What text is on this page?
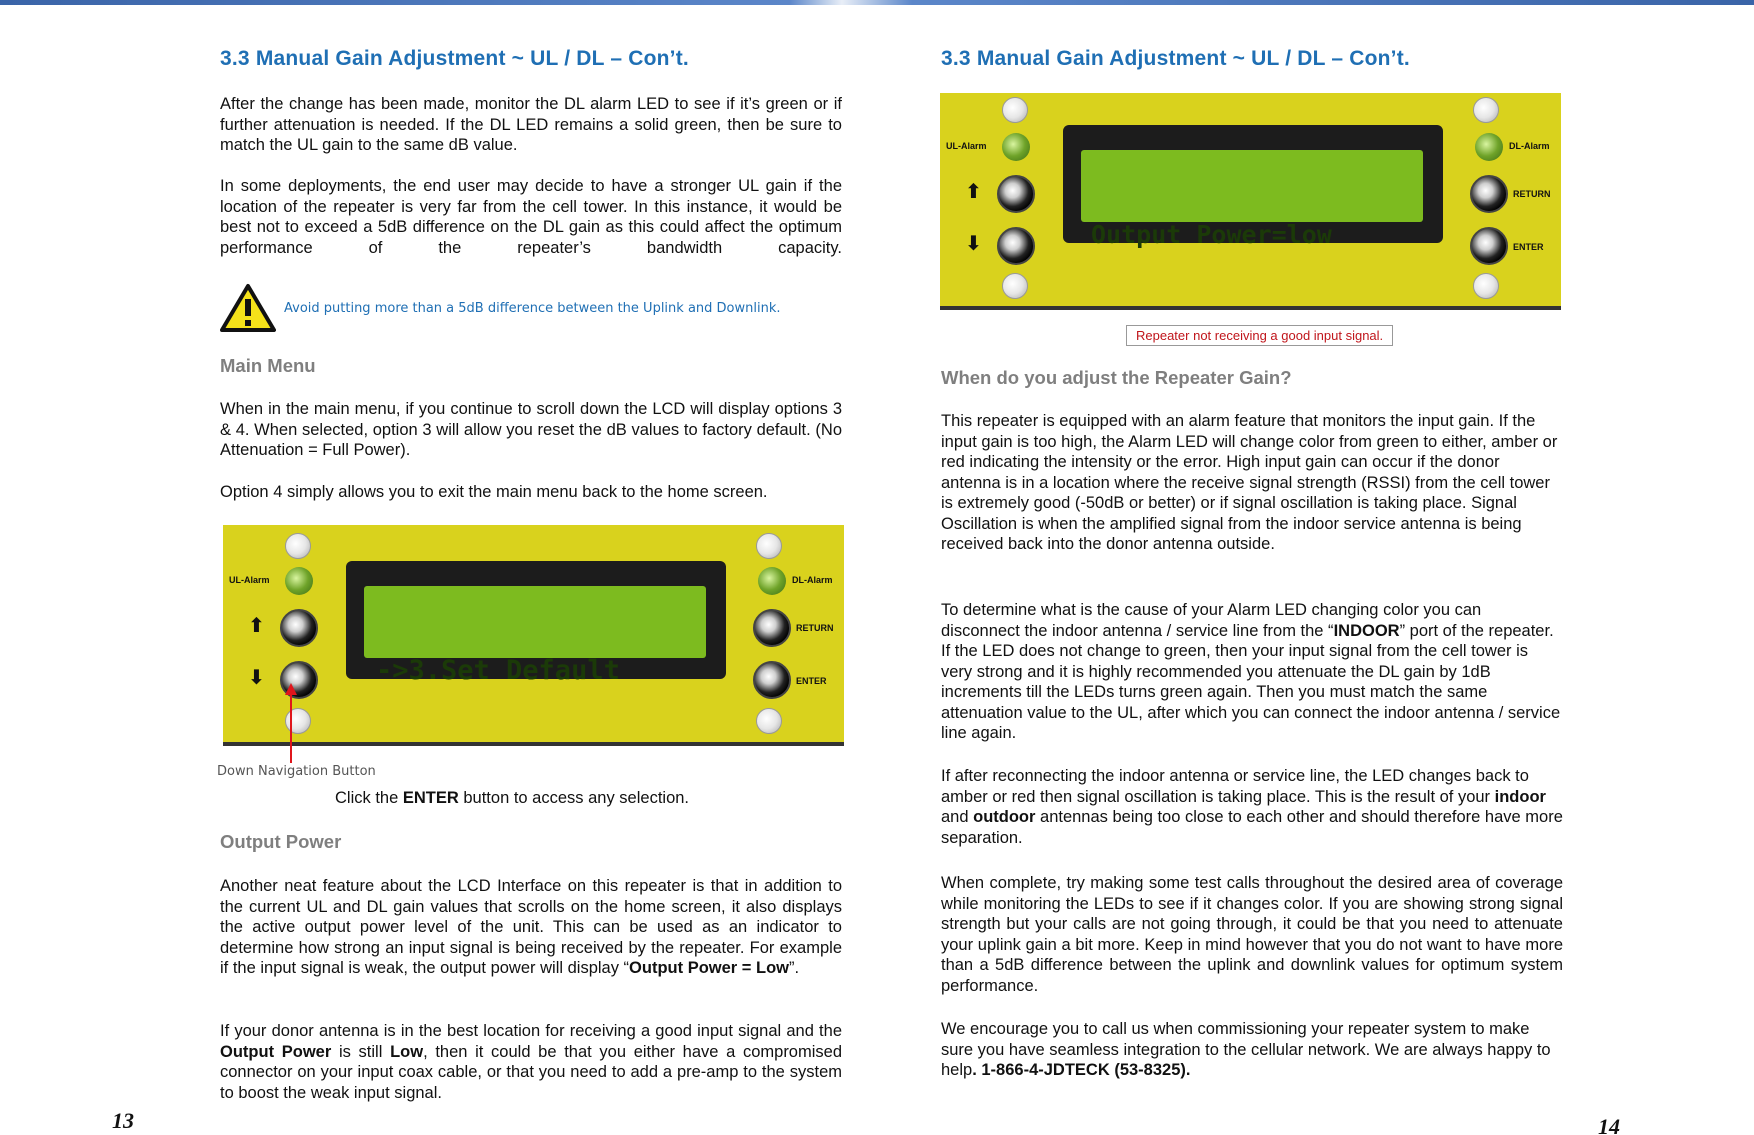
3.3 Manual Gain Adjustment ~ UL / DL – Con’t.

After the change has been made, monitor the DL alarm LED to see if it’s green or if further attenuation is needed. If the DL LED remains a solid green, then be sure to match the UL gain to the same dB value.

In some deployments, the end user may decide to have a stronger UL gain if the location of the repeater is very far from the cell tower. In this instance, it would be best not to exceed a 5dB difference on the DL gain as this could affect the optimum performance of the repeater’s bandwidth capacity.

Avoid putting more than a 5dB difference between the Uplink and Downlink.
Main Menu

When in the main menu, if you continue to scroll down the LCD will display options 3 & 4. When selected, option 3 will allow you reset the dB values to factory default. (No Attenuation = Full Power).

Option 4 simply allows you to exit the main menu back to the home screen.

UL-Alarm
⬆
⬇

	->3.Set Default

DL-Alarm
RETURN
ENTER
Down Navigation Button
Click the ENTER button to access any selection.
Output Power

Another neat feature about the LCD Interface on this repeater is that in addition to the current UL and DL gain values that scrolls on the home screen, it also displays the active output power level of the unit. This can be used as an indicator to determine how strong an input signal is being received by the repeater. For example if the input signal is weak, the output power will display “Output Power = Low”.

If your donor antenna is in the best location for receiving a good input signal and the Output Power is still Low, then it could be that you either have a compromised connector on your input coax cable, or that you need to add a pre-amp to the system to boost the weak input signal.

13
3.3 Manual Gain Adjustment ~ UL / DL – Con’t.
UL-Alarm
⬆
⬇

	Output Power=low

DL-Alarm
RETURN
ENTER
Repeater not receiving a good input signal.
When do you adjust the Repeater Gain?

This repeater is equipped with an alarm feature that monitors the input gain. If the input gain is too high, the Alarm LED will change color from green to either, amber or red indicating the intensity or the error. High input gain can occur if the donor antenna is in a location where the receive signal strength (RSSI) from the cell tower is extremely good (-50dB or better) or if signal oscillation is taking place. Signal Oscillation is when the amplified signal from the indoor service antenna is being received back into the donor antenna outside.

To determine what is the cause of your Alarm LED changing color you can disconnect the indoor antenna / service line from the “INDOOR” port of the repeater. If the LED does not change to green, then your input signal from the cell tower is very strong and it is highly recommended you attenuate the DL gain by 1dB increments till the LEDs turns green again. Then you must match the same attenuation value to the UL, after which you can connect the indoor antenna / service line again.

If after reconnecting the indoor antenna or service line, the LED changes back to amber or red then signal oscillation is taking place. This is the result of your indoor and outdoor antennas being too close to each other and should therefore have more separation.

When complete, try making some test calls throughout the desired area of coverage while monitoring the LEDs to see if it changes color. If you are showing strong signal strength but your calls are not going through, it could be that you need to attenuate your uplink gain a bit more. Keep in mind however that you do not want to have more than a 5dB difference between the uplink and downlink values for optimum system performance.

We encourage you to call us when commissioning your repeater system to make sure you have seamless integration to the cellular network. We are always happy to help. 1-866-4-JDTECK (53-8325).

14
